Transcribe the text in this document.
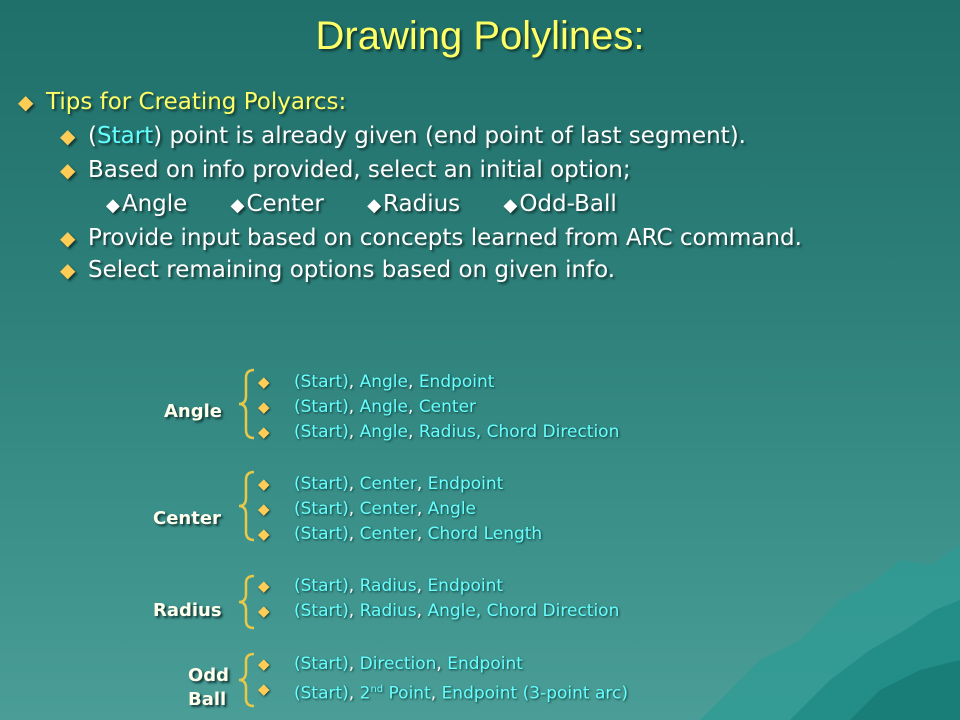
Drawing Polylines:
◆ Tips for Creating Polyarcs:
◆ (Start) point is already given (end point of last segment).
◆ Based on info provided, select an initial option;
◆Angle ◆Center ◆Radius ◆Odd-Ball
◆ Provide input based on concepts learned from ARC command.
◆ Select remaining options based on given info.
Angle
Center
Radius
Odd
Ball
◆ (Start), Angle, Endpoint
◆ (Start), Angle, Center
◆ (Start), Angle, Radius, Chord Direction
◆ (Start), Center, Endpoint
◆ (Start), Center, Angle
◆ (Start), Center, Chord Length
◆ (Start), Radius, Endpoint
◆ (Start), Radius, Angle, Chord Direction
◆ (Start), Direction, Endpoint
◆ (Start), 2nd Point, Endpoint (3-point arc)
